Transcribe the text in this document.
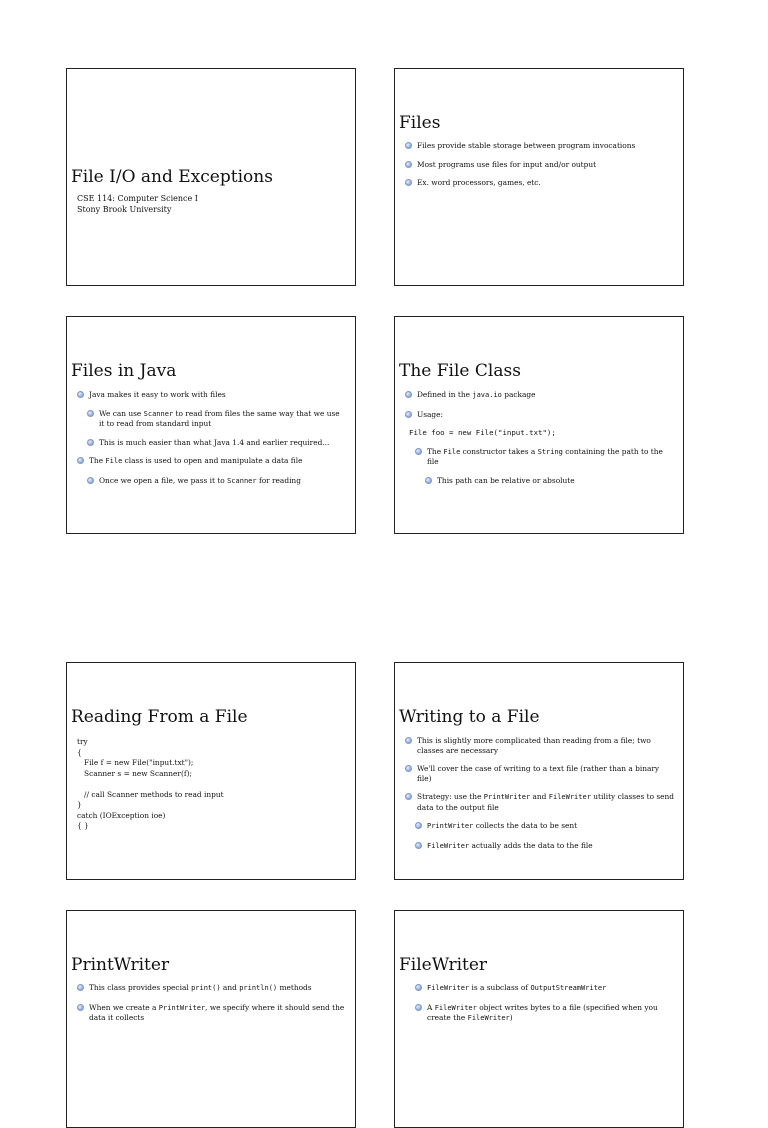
File I/O and Exceptions
CSE 114: Computer Science I
Stony Brook University
Files
Files provide stable storage between program invocations
Most programs use files for input and/or output
Ex. word processors, games, etc.
Files in Java
Java makes it easy to work with files
We can use Scanner to read from files the same way that we use it to read from standard input
This is much easier than what Java 1.4 and earlier required...
The File class is used to open and manipulate a data file
Once we open a file, we pass it to Scanner for reading
The File Class
Defined in the java.io package
Usage:
File foo = new File("input.txt");
The File constructor takes a String containing the path to the file
This path can be relative or absolute
Reading From a File
try
{
File f = new File("input.txt");
Scanner s = new Scanner(f);

// call Scanner methods to read input
}
catch (IOException ioe)
{ }
Writing to a File
This is slightly more complicated than reading from a file; two classes are necessary
We'll cover the case of writing to a text file (rather than a binary file)
Strategy: use the PrintWriter and FileWriter utility classes to send data to the output file
PrintWriter collects the data to be sent
FileWriter actually adds the data to the file
PrintWriter
This class provides special print() and println() methods
When we create a PrintWriter, we specify where it should send the data it collects
FileWriter
FileWriter is a subclass of OutputStreamWriter
A FileWriter object writes bytes to a file (specified when you create the FileWriter)
